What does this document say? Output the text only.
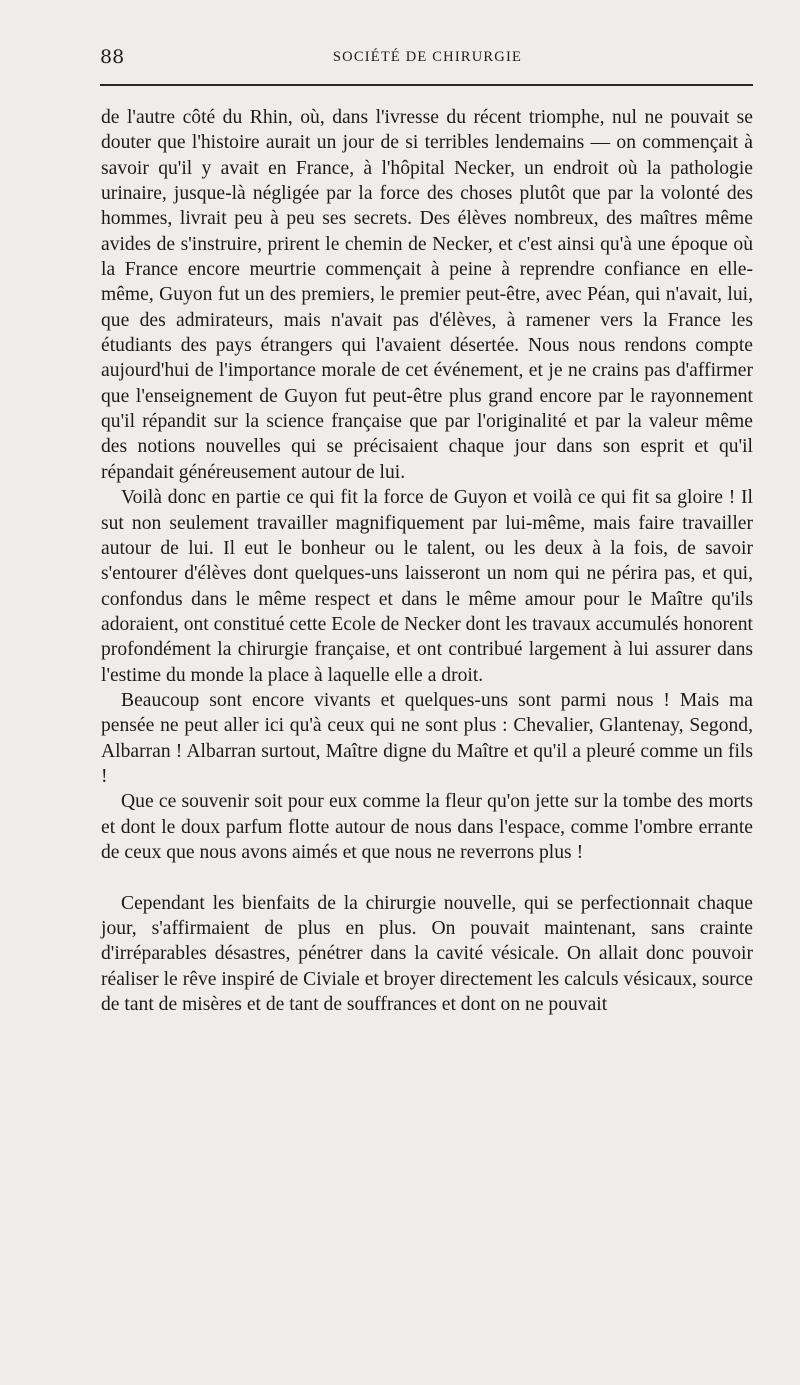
88	SOCIÉTÉ DE CHIRURGIE

de l'autre côté du Rhin, où, dans l'ivresse du récent triomphe, nul ne pouvait se douter que l'histoire aurait un jour de si terribles lendemains — on commençait à savoir qu'il y avait en France, à l'hôpital Necker, un endroit où la pathologie urinaire, jusque-là négligée par la force des choses plutôt que par la volonté des hommes, livrait peu à peu ses secrets. Des élèves nombreux, des maîtres même avides de s'instruire, prirent le chemin de Necker, et c'est ainsi qu'à une époque où la France encore meurtrie commençait à peine à reprendre confiance en elle-même, Guyon fut un des premiers, le premier peut-être, avec Péan, qui n'avait, lui, que des admirateurs, mais n'avait pas d'élèves, à ramener vers la France les étudiants des pays étrangers qui l'avaient désertée. Nous nous rendons compte aujourd'hui de l'importance morale de cet événement, et je ne crains pas d'affirmer que l'enseignement de Guyon fut peut-être plus grand encore par le rayonnement qu'il répandit sur la science française que par l'originalité et par la valeur même des notions nouvelles qui se précisaient chaque jour dans son esprit et qu'il répandait généreusement autour de lui.

Voilà donc en partie ce qui fit la force de Guyon et voilà ce qui fit sa gloire ! Il sut non seulement travailler magnifiquement par lui-même, mais faire travailler autour de lui. Il eut le bonheur ou le talent, ou les deux à la fois, de savoir s'entourer d'élèves dont quelques-uns laisseront un nom qui ne périra pas, et qui, confondus dans le même respect et dans le même amour pour le Maître qu'ils adoraient, ont constitué cette Ecole de Necker dont les travaux accumulés honorent profondément la chirurgie française, et ont contribué largement à lui assurer dans l'estime du monde la place à laquelle elle a droit.

Beaucoup sont encore vivants et quelques-uns sont parmi nous ! Mais ma pensée ne peut aller ici qu'à ceux qui ne sont plus : Chevalier, Glantenay, Segond, Albarran ! Albarran surtout, Maître digne du Maître et qu'il a pleuré comme un fils !

Que ce souvenir soit pour eux comme la fleur qu'on jette sur la tombe des morts et dont le doux parfum flotte autour de nous dans l'espace, comme l'ombre errante de ceux que nous avons aimés et que nous ne reverrons plus !

Cependant les bienfaits de la chirurgie nouvelle, qui se perfectionnait chaque jour, s'affirmaient de plus en plus. On pouvait maintenant, sans crainte d'irréparables désastres, pénétrer dans la cavité vésicale. On allait donc pouvoir réaliser le rêve inspiré de Civiale et broyer directement les calculs vésicaux, source de tant de misères et de tant de souffrances et dont on ne pouvait
